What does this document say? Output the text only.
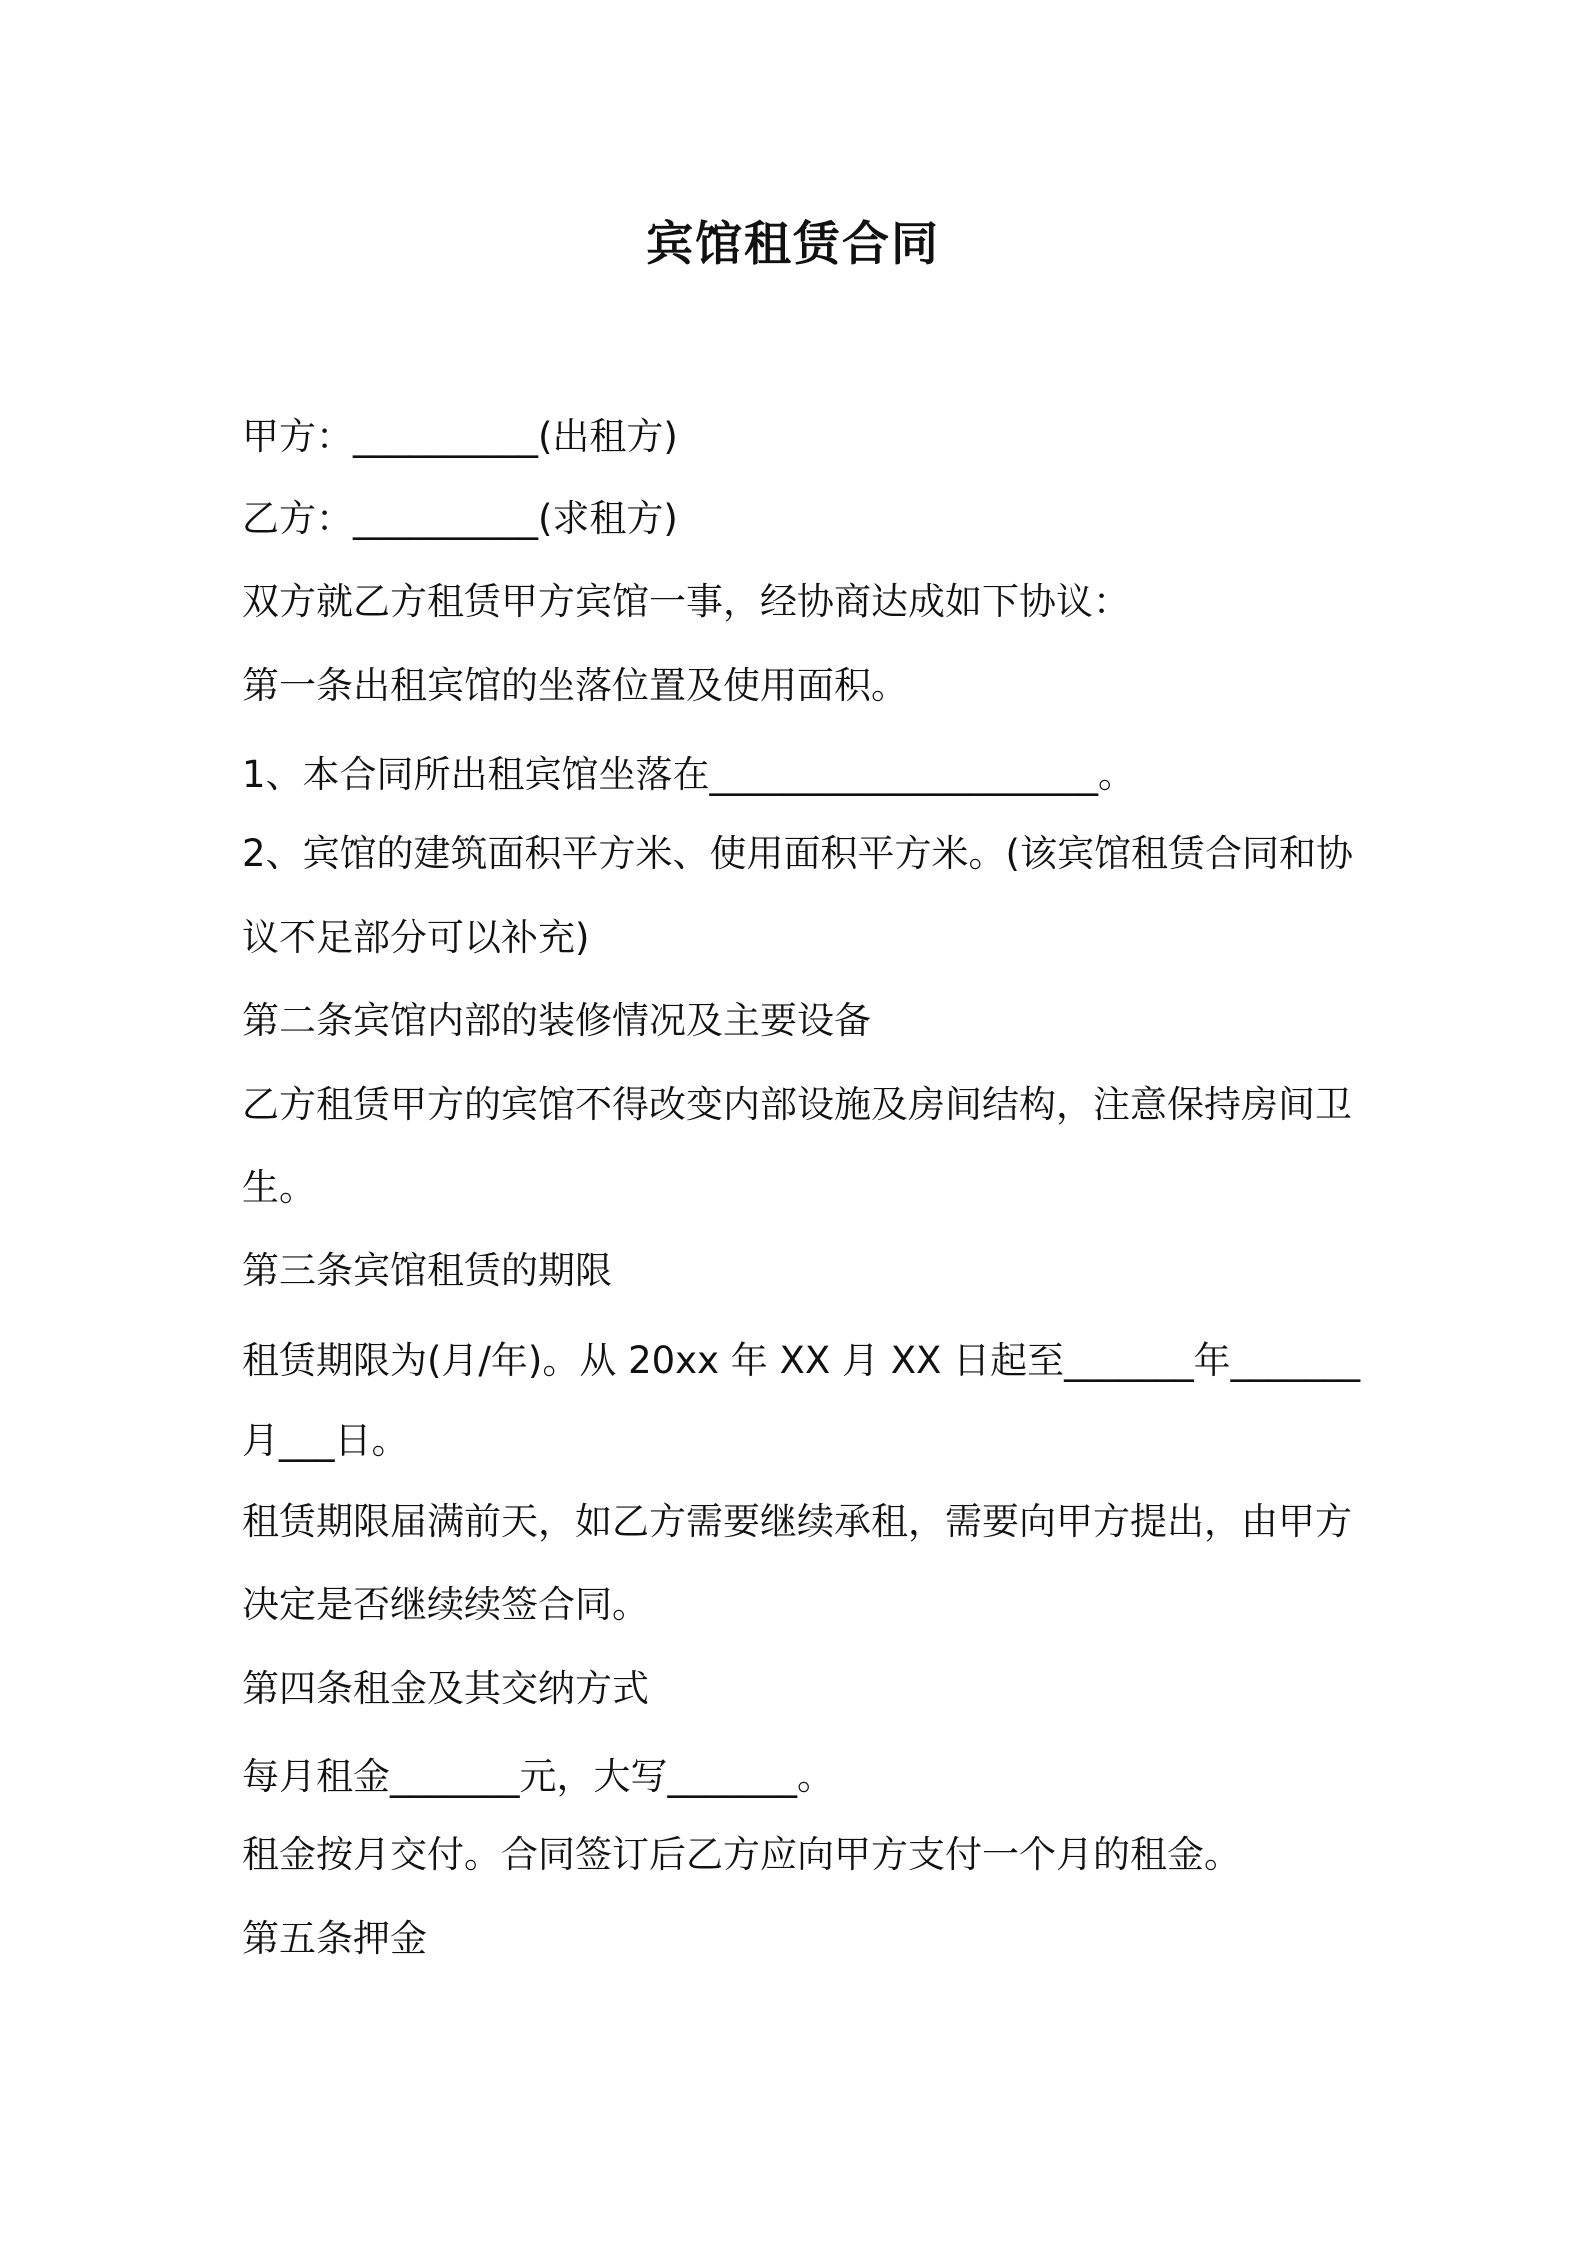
宾馆租赁合同
甲方：__________(出租方)
乙方：__________(求租方)
双方就乙方租赁甲方宾馆一事，经协商达成如下协议：
第一条出租宾馆的坐落位置及使用面积。
1、本合同所出租宾馆坐落在_____________________。
2、宾馆的建筑面积平方米、使用面积平方米。(该宾馆租赁合同和协
议不足部分可以补充)
第二条宾馆内部的装修情况及主要设备
乙方租赁甲方的宾馆不得改变内部设施及房间结构，注意保持房间卫
生。
第三条宾馆租赁的期限
租赁期限为(月/年)。从 20xx 年 XX 月 XX 日起至_______年_______
月___日。
租赁期限届满前天，如乙方需要继续承租，需要向甲方提出，由甲方
决定是否继续续签合同。
第四条租金及其交纳方式
每月租金_______元，大写_______。
租金按月交付。合同签订后乙方应向甲方支付一个月的租金。
第五条押金
